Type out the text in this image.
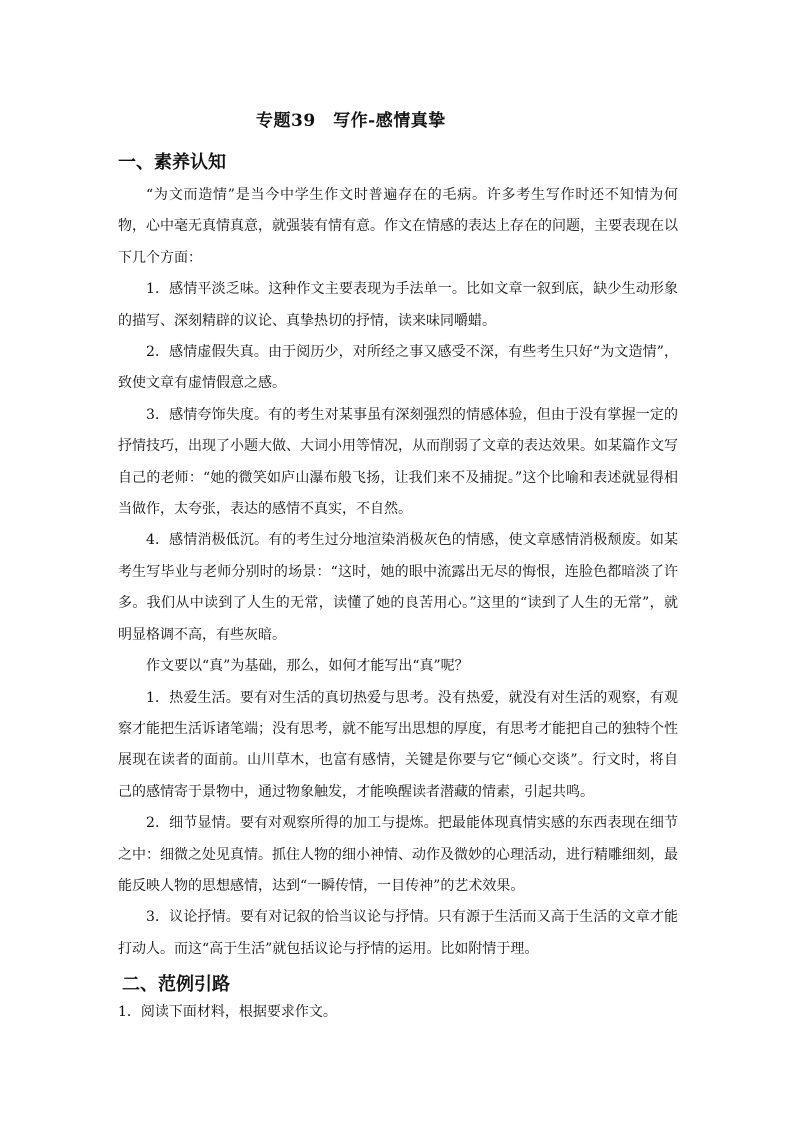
专题39　写作-感情真挚
一、素养认知

“为文而造情”是当今中学生作文时普遍存在的毛病。许多考生写作时还不知情为何物，心中毫无真情真意，就强装有情有意。作文在情感的表达上存在的问题，主要表现在以下几个方面：

1．感情平淡乏味。这种作文主要表现为手法单一。比如文章一叙到底，缺少生动形象的描写、深刻精辟的议论、真挚热切的抒情，读来味同嚼蜡。

2．感情虚假失真。由于阅历少，对所经之事又感受不深，有些考生只好“为文造情”，致使文章有虚情假意之感。

3．感情夸饰失度。有的考生对某事虽有深刻强烈的情感体验，但由于没有掌握一定的抒情技巧，出现了小题大做、大词小用等情况，从而削弱了文章的表达效果。如某篇作文写自己的老师：“她的微笑如庐山瀑布般飞扬，让我们来不及捕捉。”这个比喻和表述就显得相当做作，太夸张，表达的感情不真实，不自然。

4．感情消极低沉。有的考生过分地渲染消极灰色的情感，使文章感情消极颓废。如某考生写毕业与老师分别时的场景：“这时，她的眼中流露出无尽的悔恨，连脸色都暗淡了许多。我们从中读到了人生的无常，读懂了她的良苦用心。”这里的“读到了人生的无常”，就明显格调不高，有些灰暗。

作文要以“真”为基础，那么，如何才能写出“真”呢？

1．热爱生活。要有对生活的真切热爱与思考。没有热爱，就没有对生活的观察，有观察才能把生活诉诸笔端；没有思考，就不能写出思想的厚度，有思考才能把自己的独特个性展现在读者的面前。山川草木，也富有感情，关键是你要与它“倾心交谈”。行文时，将自己的感情寄于景物中，通过物象触发，才能唤醒读者潜藏的情素，引起共鸣。

2．细节显情。要有对观察所得的加工与提炼。把最能体现真情实感的东西表现在细节之中：细微之处见真情。抓住人物的细小神情、动作及微妙的心理活动，进行精雕细刻，最能反映人物的思想感情，达到“一瞬传情，一目传神”的艺术效果。

3．议论抒情。要有对记叙的恰当议论与抒情。只有源于生活而又高于生活的文章才能打动人。而这“高于生活”就包括议论与抒情的运用。比如附情于理。

二、范例引路
1．阅读下面材料，根据要求作文。
